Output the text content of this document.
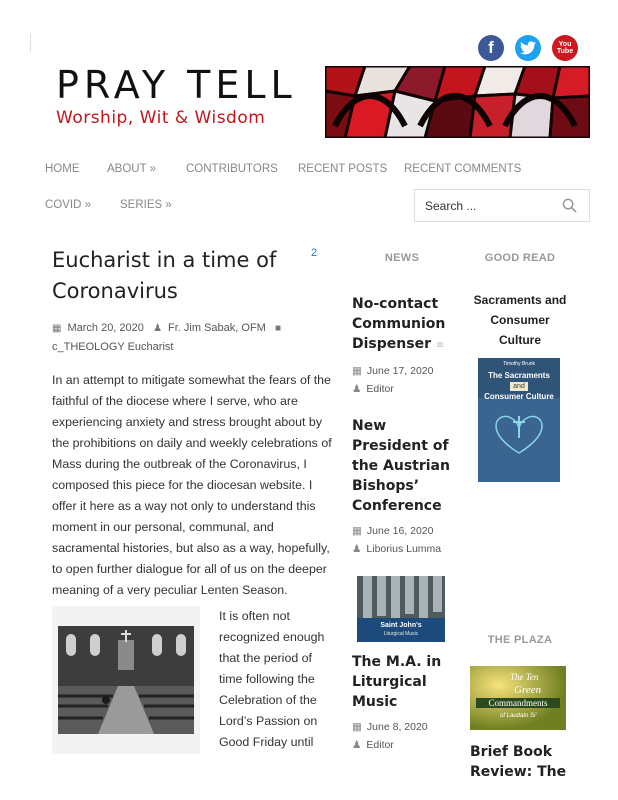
f	You
Tube
PRAY TELL
Worship, Wit & Wisdom
HOME ABOUT »	CONTRIBUTORS RECENT POSTS RECENT COMMENTS
COVID »	SERIES »
Search ...
2
Eucharist in a time of Coronavirus
▦ March 20, 2020 ♟ Fr. Jim Sabak, OFM ■
c_THEOLOGY Eucharist

In an attempt to mitigate somewhat the fears of the faithful of the diocese where I serve, who are experiencing anxiety and stress brought about by the prohibitions on daily and weekly celebrations of Mass during the outbreak of the Coronavirus, I composed this piece for the diocesan website. I offer it here as a way not only to understand this moment in our personal, communal, and sacramental histories, but also as a way, hopefully, to open further dialogue for all of us on the deeper meaning of a very peculiar Lenten Season.

It is often not recognized enough that the period of time following the Celebration of the Lord’s Passion on Good Friday until

NEWS
No-contact Communion Dispenser ≡
▦ June 17, 2020
♟ Editor
New President of the Austrian Bishops’ Conference
▦ June 16, 2020
♟ Liborius Lumma
Saint John's
Liturgical Music
The M.A. in Liturgical Music
▦ June 8, 2020
♟ Editor
GOOD READ
Sacraments and Consumer Culture
Timothy Brunk
The Sacraments
and
Consumer Culture
THE PLAZA
The Ten
Green
Commandments
of Laudato Si'
Brief Book Review: The
